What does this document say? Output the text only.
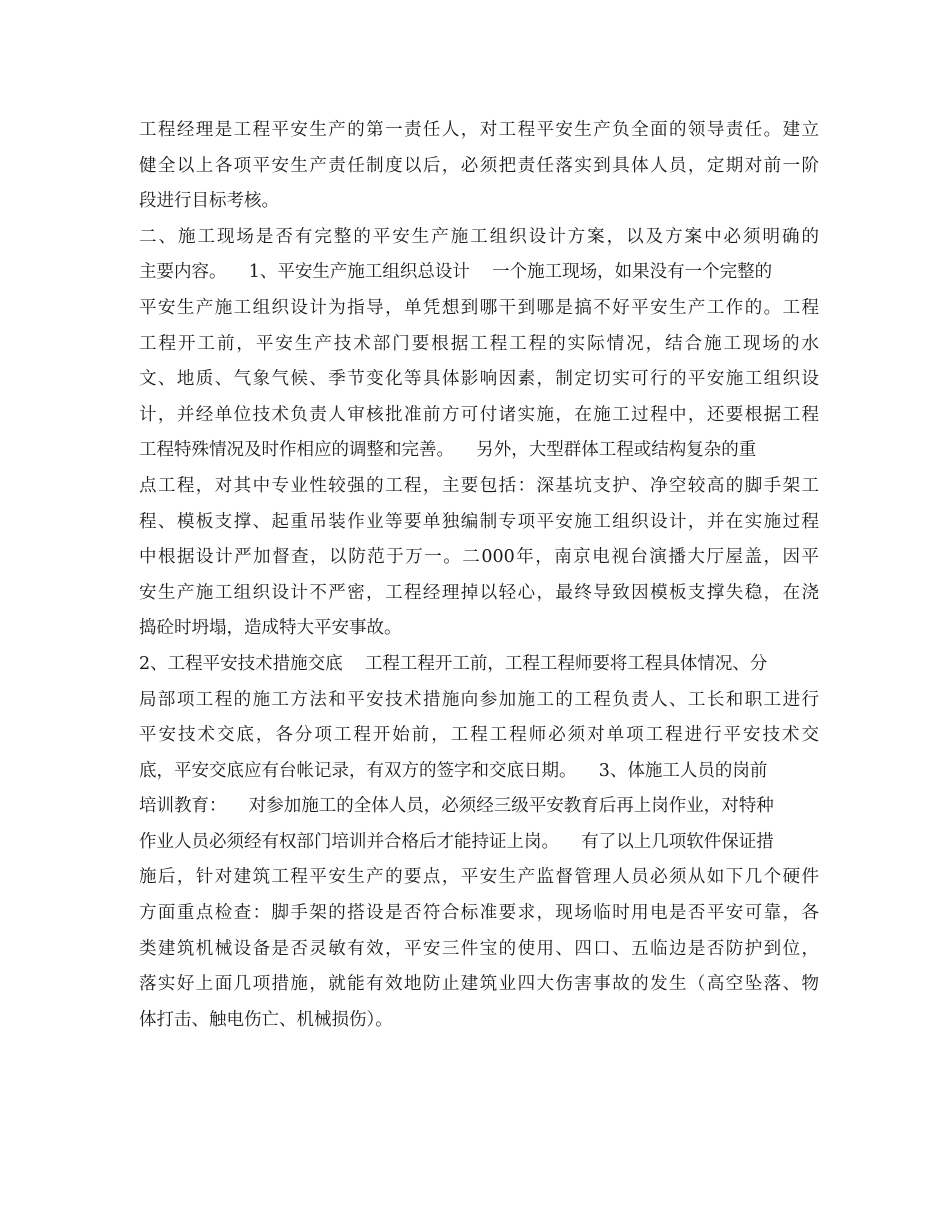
工程经理是工程平安生产的第一责任人，对工程平安生产负全面的领导责任。建立
健全以上各项平安生产责任制度以后，必须把责任落实到具体人员，定期对前一阶
段进行目标考核。
二、施工现场是否有完整的平安生产施工组织设计方案，以及方案中必须明确的
主要内容。    1、平安生产施工组织总设计    一个施工现场，如果没有一个完整的
平安生产施工组织设计为指导，单凭想到哪干到哪是搞不好平安生产工作的。工程
工程开工前，平安生产技术部门要根据工程工程的实际情况，结合施工现场的水
文、地质、气象气候、季节变化等具体影响因素，制定切实可行的平安施工组织设
计，并经单位技术负责人审核批准前方可付诸实施，在施工过程中，还要根据工程
工程特殊情况及时作相应的调整和完善。    另外，大型群体工程或结构复杂的重
点工程，对其中专业性较强的工程，主要包括：深基坑支护、净空较高的脚手架工
程、模板支撑、起重吊装作业等要单独编制专项平安施工组织设计，并在实施过程
中根据设计严加督查，以防范于万一。二000年，南京电视台演播大厅屋盖，因平
安生产施工组织设计不严密，工程经理掉以轻心，最终导致因模板支撑失稳，在浇
捣砼时坍塌，造成特大平安事故。
2、工程平安技术措施交底    工程工程开工前，工程工程师要将工程具体情况、分
局部项工程的施工方法和平安技术措施向参加施工的工程负责人、工长和职工进行
平安技术交底，各分项工程开始前，工程工程师必须对单项工程进行平安技术交
底，平安交底应有台帐记录，有双方的签字和交底日期。    3、体施工人员的岗前
培训教育：    对参加施工的全体人员，必须经三级平安教育后再上岗作业，对特种
作业人员必须经有权部门培训并合格后才能持证上岗。    有了以上几项软件保证措
施后，针对建筑工程平安生产的要点，平安生产监督管理人员必须从如下几个硬件
方面重点检查：脚手架的搭设是否符合标准要求，现场临时用电是否平安可靠，各
类建筑机械设备是否灵敏有效，平安三件宝的使用、四口、五临边是否防护到位，
落实好上面几项措施，就能有效地防止建筑业四大伤害事故的发生（高空坠落、物
体打击、触电伤亡、机械损伤）。
